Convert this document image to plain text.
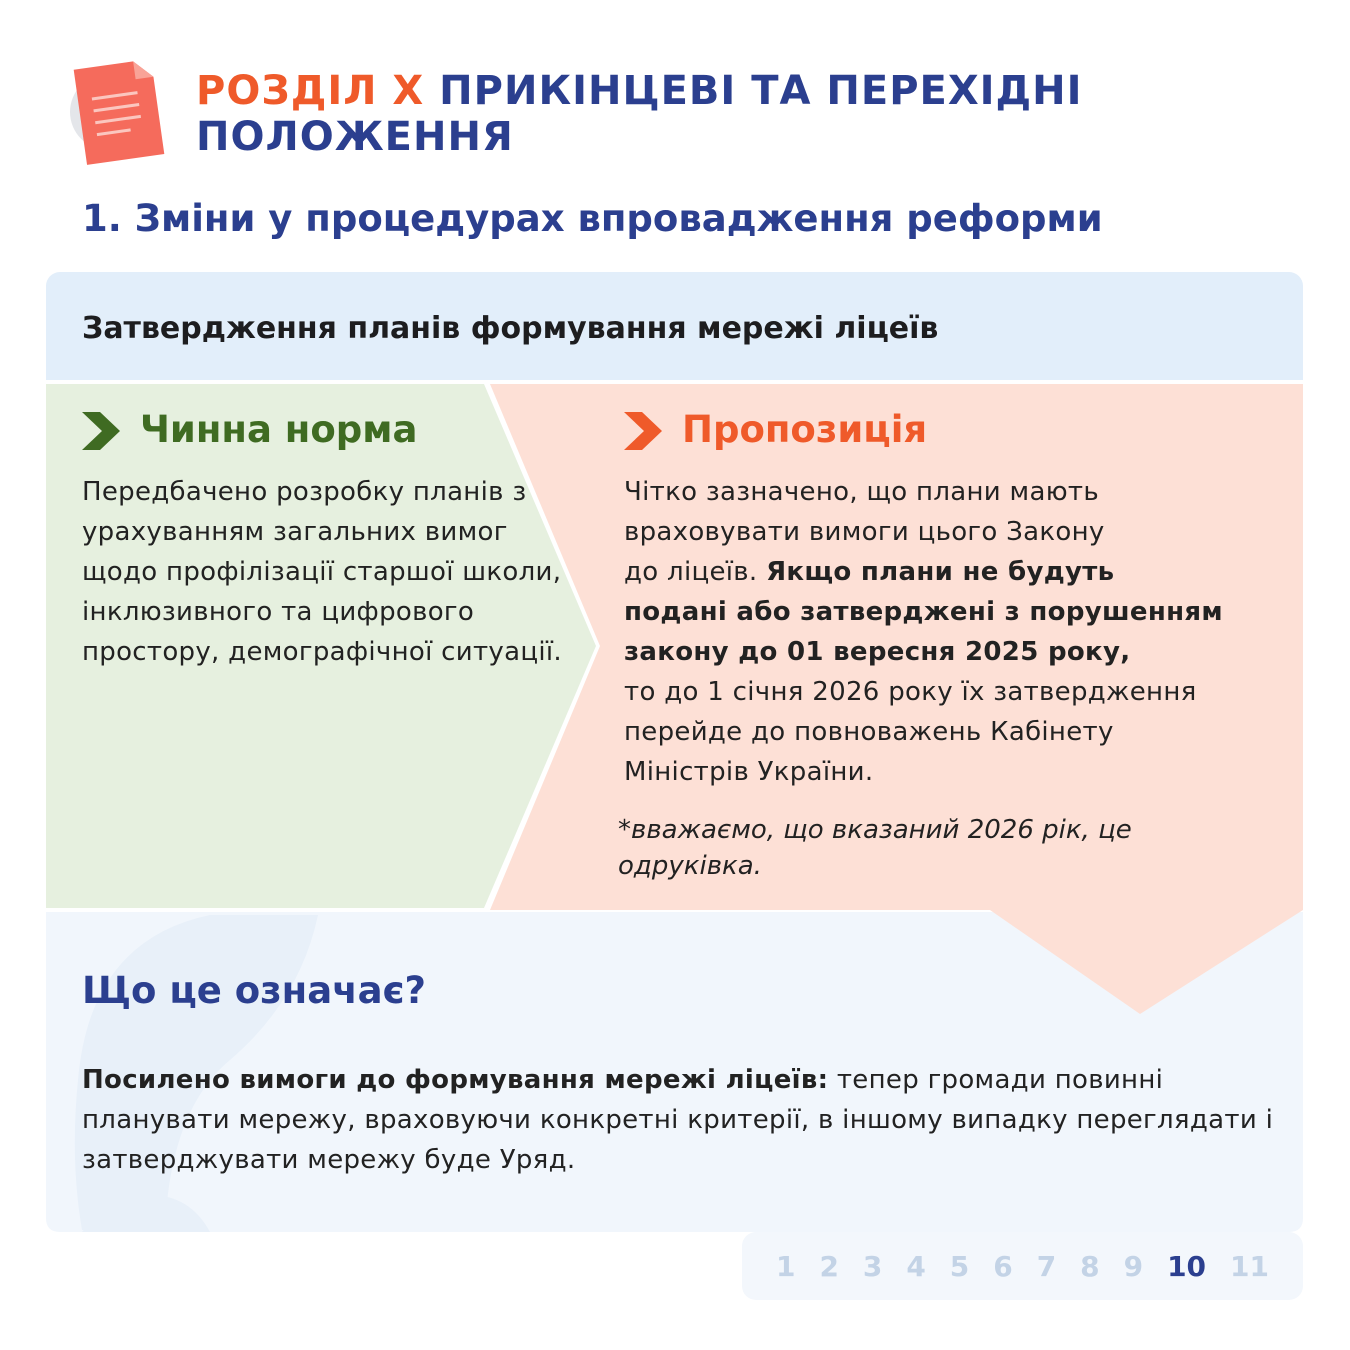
РОЗДІЛ X ПРИКІНЦЕВІ ТА ПЕРЕХІДНІ ПОЛОЖЕННЯ
1. Зміни у процедурах впровадження реформи
Затвердження планів формування мережі ліцеїв
Чинна норма
Передбачено розробку планів з урахуванням загальних вимог щодо профілізації старшої школи, інклюзивного та цифрового простору, демографічної ситуації.
Пропозиція
Чітко зазначено, що плани мають
враховувати вимоги цього Закону
до ліцеїв. Якщо плани не будуть
подані або затверджені з порушенням
закону до 01 вересня 2025 року,
то до 1 січня 2026 року їх затвердження
перейде до повноважень Кабінету
Міністрів України.
*вважаємо, що вказаний 2026 рік, це одруківка.
Що це означає?
Посилено вимоги до формування мережі ліцеїв: тепер громади повинні планувати мережу, враховуючи конкретні критерії, в іншому випадку переглядати і затверджувати мережу буде Уряд.
1 2 3 4 5 6 7 8 9 10 11
